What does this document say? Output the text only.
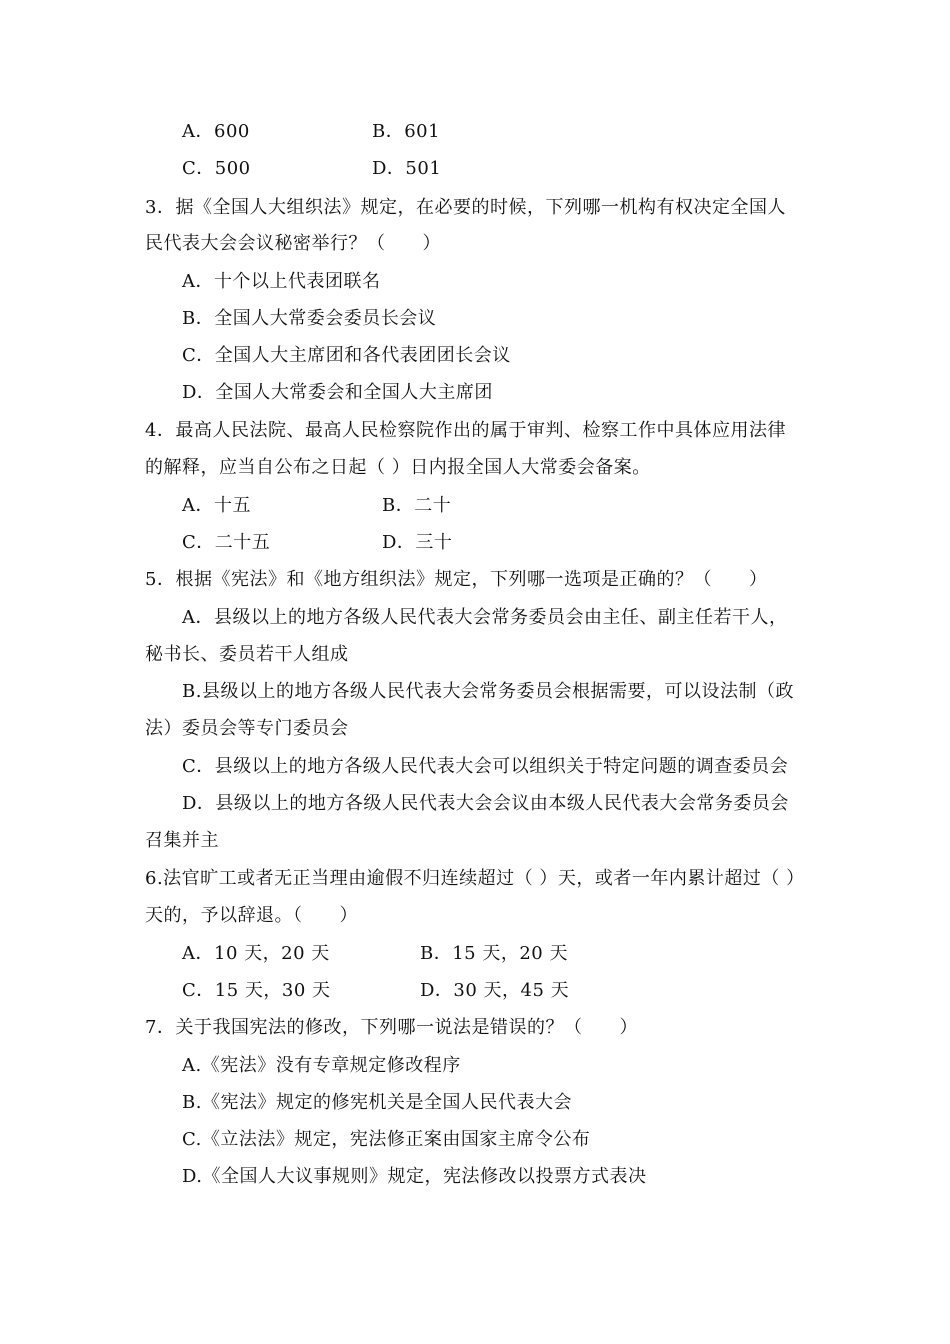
A．600	B．601
C．500	D．501
3．据《全国人大组织法》规定，在必要的时候，下列哪一机构有权决定全国人
民代表大会会议秘密举行？（　　）
A．十个以上代表团联名
B．全国人大常委会委员长会议
C．全国人大主席团和各代表团团长会议
D．全国人大常委会和全国人大主席团
4．最高人民法院、最高人民检察院作出的属于审判、检察工作中具体应用法律
的解释，应当自公布之日起（ ）日内报全国人大常委会备案。
A．十五	B．二十
C．二十五	D．三十
5．根据《宪法》和《地方组织法》规定，下列哪一选项是正确的？（　　）
A．县级以上的地方各级人民代表大会常务委员会由主任、副主任若干人，
秘书长、委员若干人组成
B.县级以上的地方各级人民代表大会常务委员会根据需要，可以设法制（政
法）委员会等专门委员会
C．县级以上的地方各级人民代表大会可以组织关于特定问题的调查委员会
D．县级以上的地方各级人民代表大会会议由本级人民代表大会常务委员会
召集并主
6.法官旷工或者无正当理由逾假不归连续超过（ ）天，或者一年内累计超过（ ）
天的，予以辞退。（　　）
A．10 天，20 天	B．15 天，20 天
C．15 天，30 天	D．30 天，45 天
7．关于我国宪法的修改，下列哪一说法是错误的？（　　）
A.《宪法》没有专章规定修改程序
B.《宪法》规定的修宪机关是全国人民代表大会
C.《立法法》规定，宪法修正案由国家主席令公布
D.《全国人大议事规则》规定，宪法修改以投票方式表决
